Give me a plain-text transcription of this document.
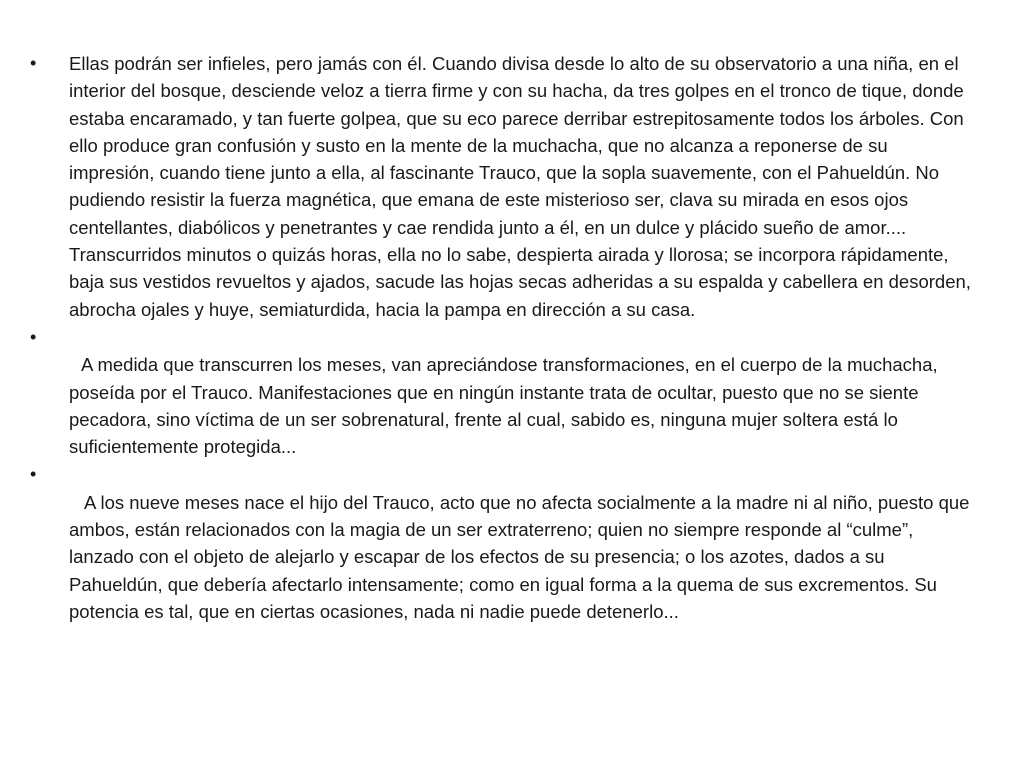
•	Ellas podrán ser infieles, pero jamás con él. Cuando divisa desde lo alto de su observatorio a una niña, en el interior del bosque, desciende veloz a tierra firme y con su hacha, da tres golpes en el tronco de tique, donde estaba encaramado, y tan fuerte golpea, que su eco parece derribar estrepitosamente todos los árboles. Con ello produce gran confusión y susto en la mente de la muchacha, que no alcanza a reponerse de su impresión, cuando tiene junto a ella, al fascinante Trauco, que la sopla suavemente, con el Pahueldún. No pudiendo resistir la fuerza magnética, que emana de este misterioso ser, clava su mirada en esos ojos centellantes, diabólicos y penetrantes y cae rendida junto a él, en un dulce y plácido sueño de amor.... Transcurridos minutos o quizás horas, ella no lo sabe, despierta airada y llorosa; se incorpora rápidamente, baja sus vestidos revueltos y ajados, sacude las hojas secas adheridas a su espalda y cabellera en desorden, abrocha ojales y huye, semiaturdida, hacia la pampa en dirección a su casa.
•
A medida que transcurren los meses, van apreciándose transformaciones, en el cuerpo de la muchacha, poseída por el Trauco. Manifestaciones que en ningún instante trata de ocultar, puesto que no se siente pecadora, sino víctima de un ser sobrenatural, frente al cual, sabido es, ninguna mujer soltera está lo suficientemente protegida...
•
A los nueve meses nace el hijo del Trauco, acto que no afecta socialmente a la madre ni al niño, puesto que ambos, están relacionados con la magia de un ser extraterreno; quien no siempre responde al “culme”, lanzado con el objeto de alejarlo y escapar de los efectos de su presencia; o los azotes, dados a su Pahueldún, que debería afectarlo intensamente; como en igual forma a la quema de sus excrementos. Su potencia es tal, que en ciertas ocasiones, nada ni nadie puede detenerlo...
